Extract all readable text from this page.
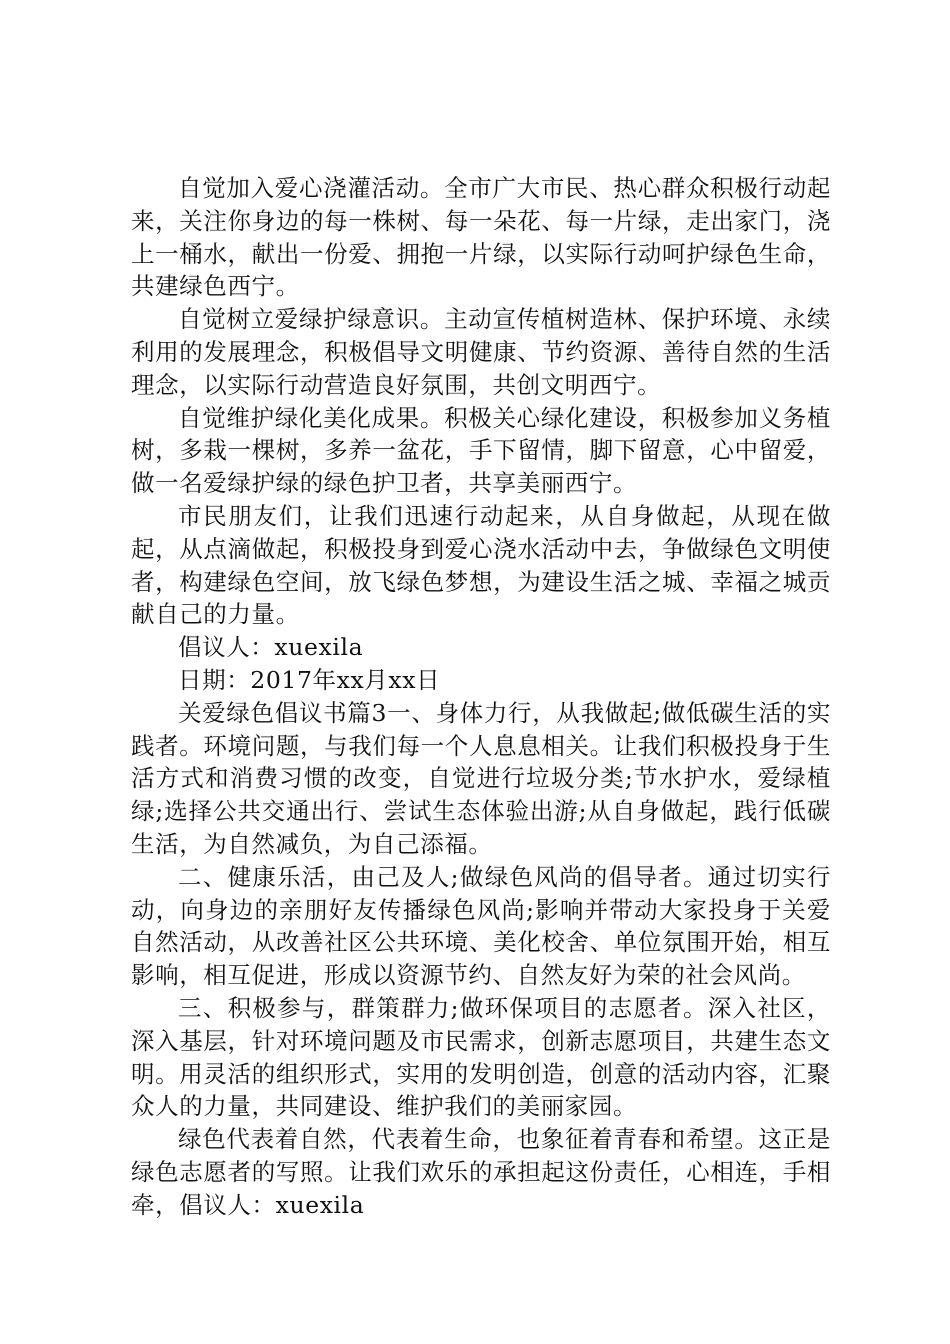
自觉加入爱心浇灌活动。全市广大市民、热心群众积极行动起来，关注你身边的每一株树、每一朵花、每一片绿，走出家门，浇上一桶水，献出一份爱、拥抱一片绿，以实际行动呵护绿色生命，共建绿色西宁。

自觉树立爱绿护绿意识。主动宣传植树造林、保护环境、永续利用的发展理念，积极倡导文明健康、节约资源、善待自然的生活理念，以实际行动营造良好氛围，共创文明西宁。

自觉维护绿化美化成果。积极关心绿化建设，积极参加义务植树，多栽一棵树，多养一盆花，手下留情，脚下留意，心中留爱，做一名爱绿护绿的绿色护卫者，共享美丽西宁。

市民朋友们，让我们迅速行动起来，从自身做起，从现在做起，从点滴做起，积极投身到爱心浇水活动中去，争做绿色文明使者，构建绿色空间，放飞绿色梦想，为建设生活之城、幸福之城贡献自己的力量。

倡议人：xuexila

日期：2017年xx月xx日

关爱绿色倡议书篇3一、身体力行，从我做起;做低碳生活的实践者。环境问题，与我们每一个人息息相关。让我们积极投身于生活方式和消费习惯的改变，自觉进行垃圾分类;节水护水，爱绿植绿;选择公共交通出行、尝试生态体验出游;从自身做起，践行低碳生活，为自然减负，为自己添福。

二、健康乐活，由己及人;做绿色风尚的倡导者。通过切实行动，向身边的亲朋好友传播绿色风尚;影响并带动大家投身于关爱自然活动，从改善社区公共环境、美化校舍、单位氛围开始，相互影响，相互促进，形成以资源节约、自然友好为荣的社会风尚。

三、积极参与，群策群力;做环保项目的志愿者。深入社区，深入基层，针对环境问题及市民需求，创新志愿项目，共建生态文明。用灵活的组织形式，实用的发明创造，创意的活动内容，汇聚众人的力量，共同建设、维护我们的美丽家园。

绿色代表着自然，代表着生命，也象征着青春和希望。这正是绿色志愿者的写照。让我们欢乐的承担起这份责任，心相连，手相牵，倡议人：xuexila
